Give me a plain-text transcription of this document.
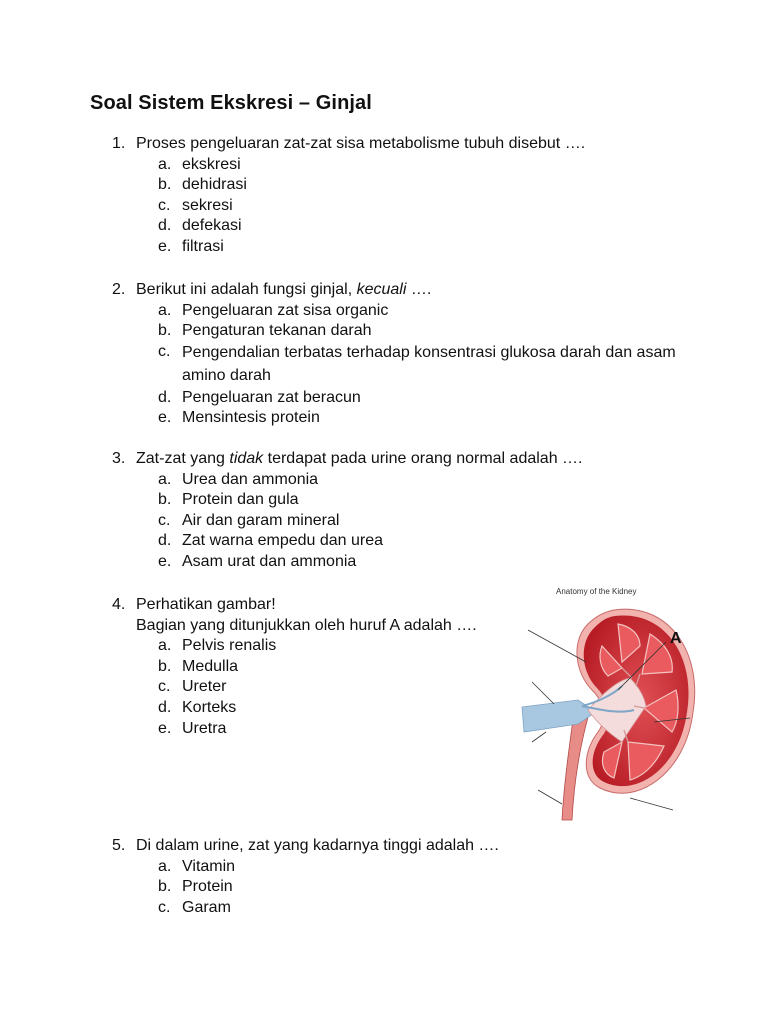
Soal Sistem Ekskresi – Ginjal
1. Proses pengeluaran zat-zat sisa metabolisme tubuh disebut ….
a. ekskresi
b. dehidrasi
c. sekresi
d. defekasi
e. filtrasi
2. Berikut ini adalah fungsi ginjal, kecuali ….
a. Pengeluaran zat sisa organic
b. Pengaturan tekanan darah
c. Pengendalian terbatas terhadap konsentrasi glukosa darah dan asam amino darah
d. Pengeluaran zat beracun
e. Mensintesis protein
3. Zat-zat yang tidak terdapat pada urine orang normal adalah ….
a. Urea dan ammonia
b. Protein dan gula
c. Air dan garam mineral
d. Zat warna empedu dan urea
e. Asam urat dan ammonia
4. Perhatikan gambar!
Bagian yang ditunjukkan oleh huruf A adalah ….
a. Pelvis renalis
b. Medulla
c. Ureter
d. Korteks
e. Uretra
Anatomy of the Kidney
A
5. Di dalam urine, zat yang kadarnya tinggi adalah ….
a. Vitamin
b. Protein
c. Garam
